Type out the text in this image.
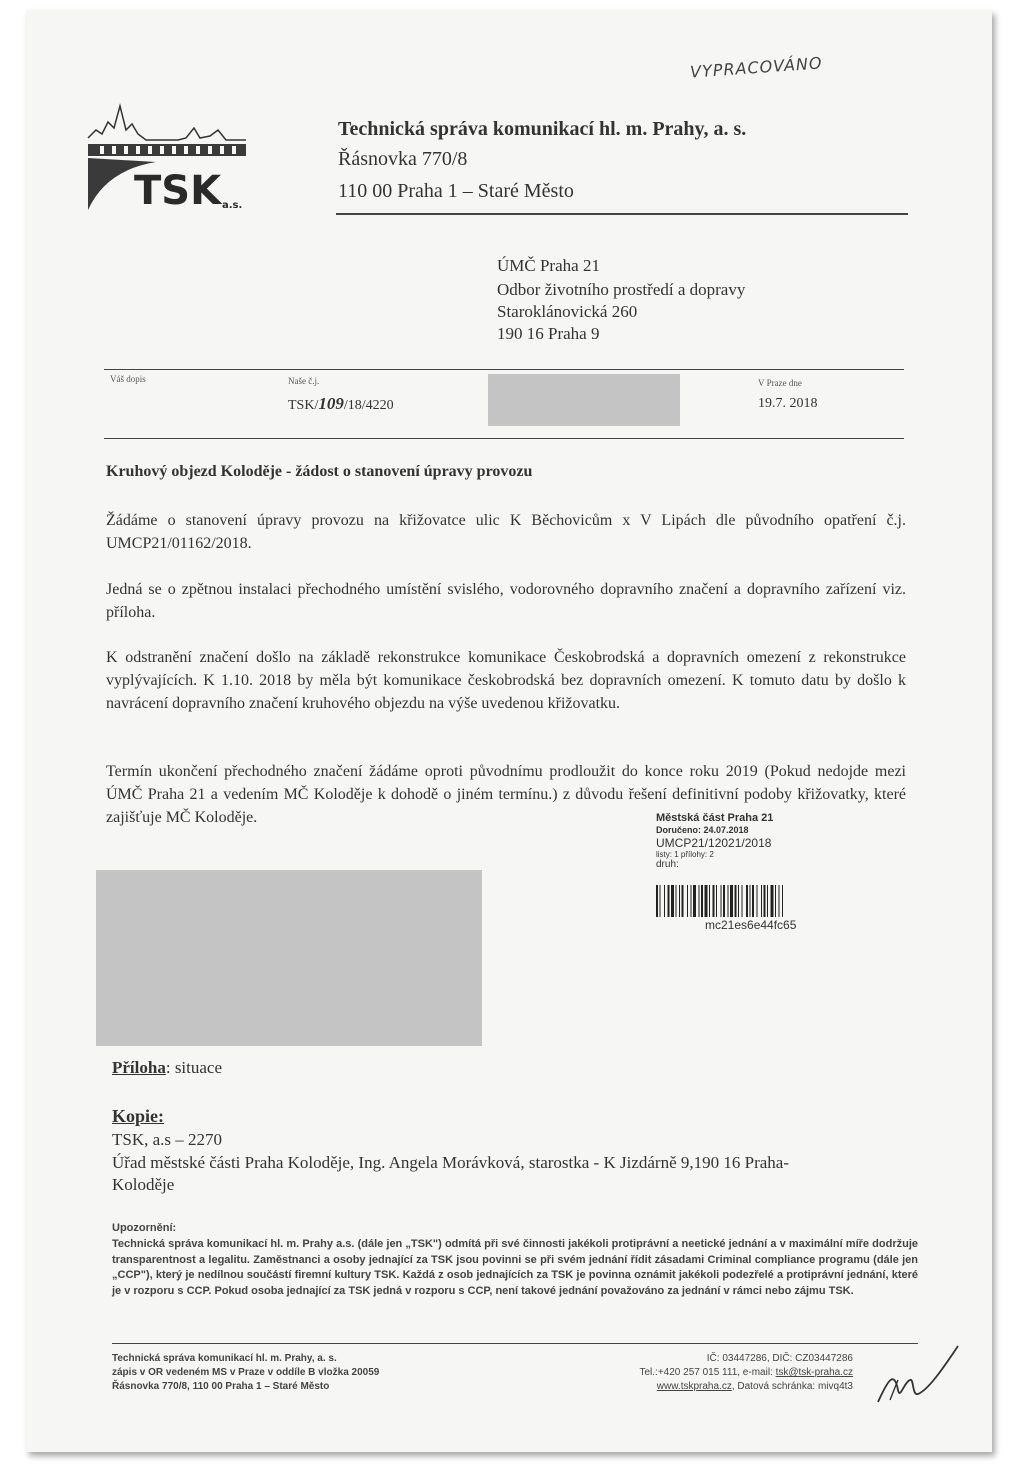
VYPRACOVÁNO
TSK a.s.
Technická správa komunikací hl. m. Prahy, a. s.
Řásnovka 770/8
110 00 Praha 1 – Staré Město
ÚMČ Praha 21
Odbor životního prostředí a dopravy
Staroklánovická 260
190 16 Praha 9
Váš dopis	Naše č.j.
TSK/109/18/4220
V Praze dne
19.7. 2018
Kruhový objezd Koloděje - žádost o stanovení úpravy provozu
Žádáme o stanovení úpravy provozu na křižovatce ulic K Běchovicům x V Lipách dle původního opatření č.j. UMCP21/01162/2018.
Jedná se o zpětnou instalaci přechodného umístění svislého, vodorovného dopravního značení a dopravního zařízení viz. příloha.
K odstranění značení došlo na základě rekonstrukce komunikace Českobrodská a dopravních omezení z rekonstrukce vyplývajících. K 1.10. 2018 by měla být komunikace českobrodská bez dopravních omezení. K tomuto datu by došlo k navrácení dopravního značení kruhového objezdu na výše uvedenou křižovatku.
Termín ukončení přechodného značení žádáme oproti původnímu prodloužit do konce roku 2019 (Pokud nedojde mezi ÚMČ Praha 21 a vedením MČ Koloděje k dohodě o jiném termínu.) z důvodu řešení definitivní podoby křižovatky, které zajišťuje MČ Koloděje.	Městská část Praha 21
Doručeno: 24.07.2018
UMCP21/12021/2018
listy: 1 přílohy: 2
druh:
mc21es6e44fc65
Příloha: situace
Kopie:
TSK, a.s – 2270
Úřad městské části Praha Koloděje, Ing. Angela Morávková, starostka - K Jizdárně 9,190 16 Praha-
Koloděje
Upozornění:
Technická správa komunikací hl. m. Prahy a.s. (dále jen „TSK") odmítá při své činnosti jakékoli protiprávní a neetické jednání a v maximální míře dodržuje transparentnost a legalitu. Zaměstnanci a osoby jednající za TSK jsou povinni se při svém jednání řídit zásadami Criminal compliance programu (dále jen „CCP"), který je nedílnou součástí firemní kultury TSK. Každá z osob jednajících za TSK je povinna oznámit jakékoli podezřelé a protiprávní jednání, které je v rozporu s CCP. Pokud osoba jednající za TSK jedná v rozporu s CCP, není takové jednání považováno za jednání v rámci nebo zájmu TSK.
Technická správa komunikací hl. m. Prahy, a. s.
zápis v OR vedeném MS v Praze v oddíle B vložka 20059
Řásnovka 770/8, 110 00 Praha 1 – Staré Město
IČ: 03447286, DIČ: CZ03447286
Tel.:+420 257 015 111, e-mail: tsk@tsk-praha.cz
www.tskpraha.cz, Datová schránka: mivq4t3
